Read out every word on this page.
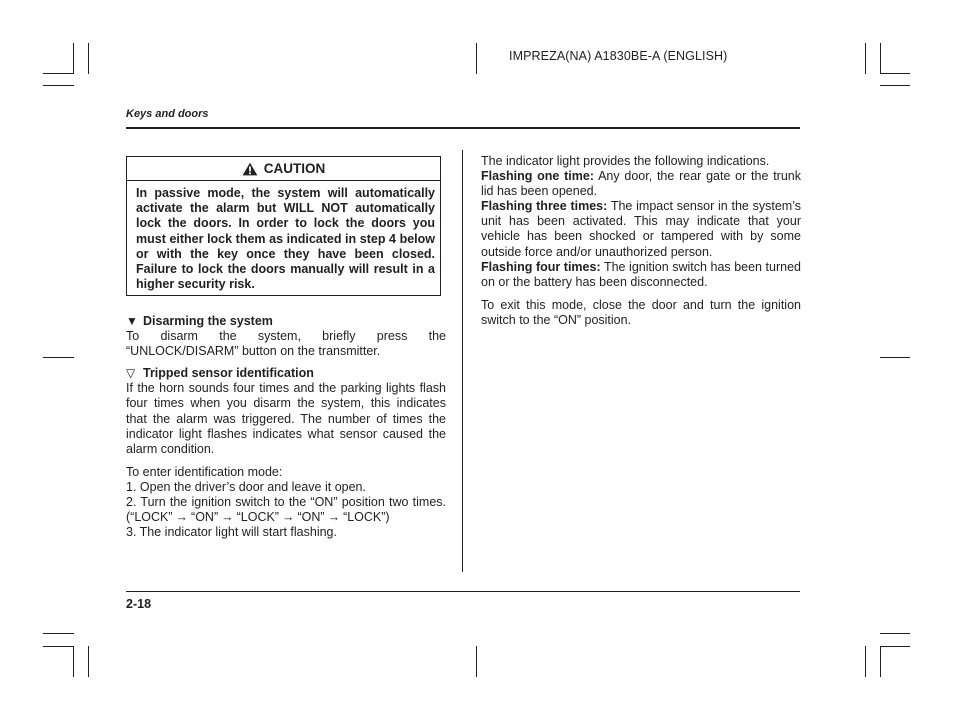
IMPREZA(NA) A1830BE-A (ENGLISH)
Keys and doors
CAUTION
In passive mode, the system will automatically activate the alarm but WILL NOT automatically lock the doors. In order to lock the doors you must either lock them as indicated in step 4 below or with the key once they have been closed. Failure to lock the doors manually will result in a higher security risk.
▼ Disarming the system

To disarm the system, briefly press the “UNLOCK/DISARM” button on the transmitter.

▽ Tripped sensor identification

If the horn sounds four times and the parking lights flash four times when you disarm the system, this indicates that the alarm was triggered. The number of times the indicator light flashes indicates what sensor caused the alarm condition.

To enter identification mode:

1. Open the driver’s door and leave it open.

2. Turn the ignition switch to the “ON” position two times. (“LOCK” → “ON” → “LOCK” → “ON” → “LOCK”)

3. The indicator light will start flashing.

The indicator light provides the following indications.

Flashing one time: Any door, the rear gate or the trunk lid has been opened.

Flashing three times: The impact sensor in the system’s unit has been activated. This may indicate that your vehicle has been shocked or tampered with by some outside force and/or unauthorized person.

Flashing four times: The ignition switch has been turned on or the battery has been disconnected.

To exit this mode, close the door and turn the ignition switch to the “ON” position.

2-18
